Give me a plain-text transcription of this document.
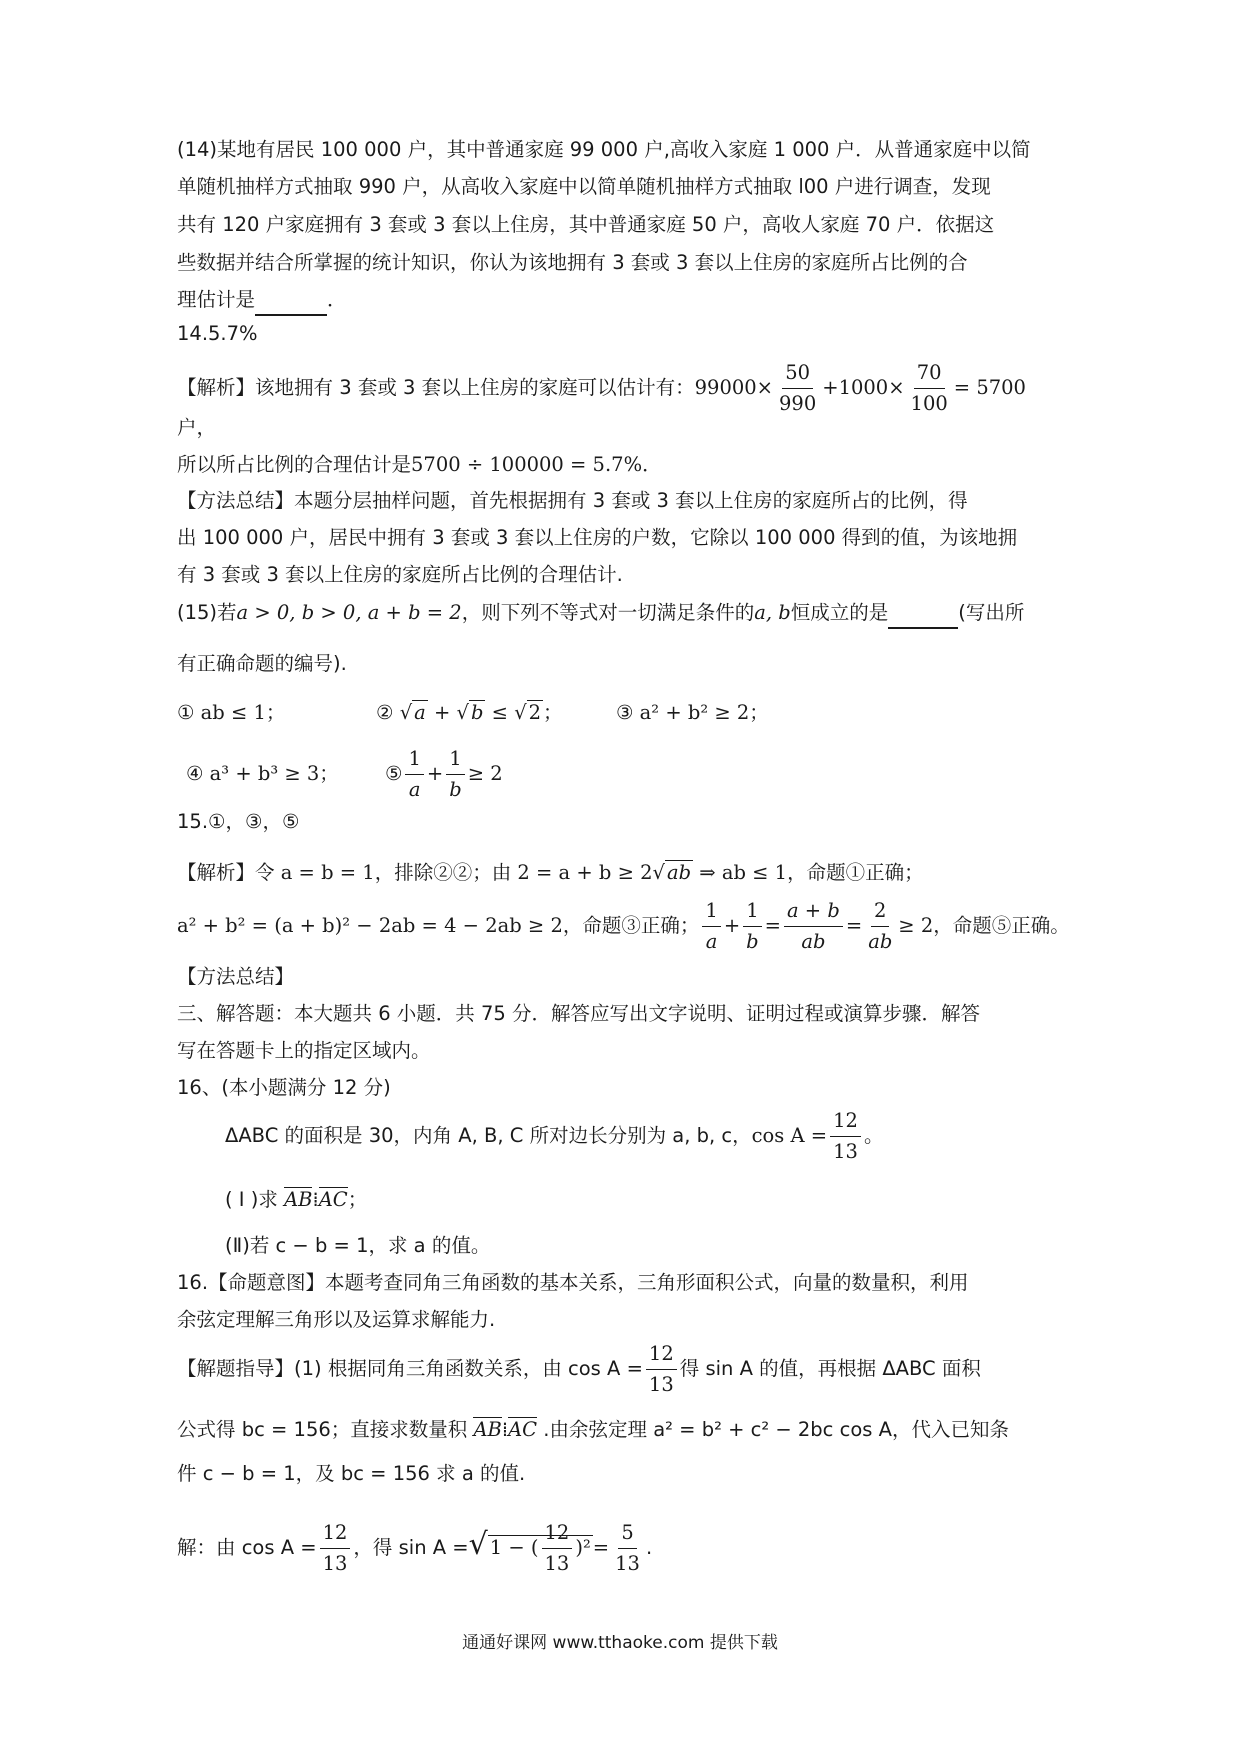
(14)某地有居民 100 000 户，其中普通家庭 99 000 户,高收入家庭 1 000 户．从普通家庭中以简
单随机抽样方式抽取 990 户，从高收入家庭中以简单随机抽样方式抽取 l00 户进行调查，发现
共有 120 户家庭拥有 3 套或 3 套以上住房，其中普通家庭 50 户，高收人家庭 70 户．依据这
些数据并结合所掌握的统计知识，你认为该地拥有 3 套或 3 套以上住房的家庭所占比例的合
理估计是	．
14.5.7%
【解析】该地拥有 3 套或 3 套以上住房的家庭可以估计有：$99000\times \frac{50}{990} +1000\times \frac{70}{100} = 5700$
户，
所以所占比例的合理估计是5700 ÷ 100000 = 5.7%．
【方法总结】本题分层抽样问题，首先根据拥有 3 套或 3 套以上住房的家庭所占的比例，得
出 100 000 户，居民中拥有 3 套或 3 套以上住房的户数，它除以 100 000 得到的值，为该地拥
有 3 套或 3 套以上住房的家庭所占比例的合理估计.
(15)若a > 0, b > 0, a + b = 2，则下列不等式对一切满足条件的a, b恒成立的是	(写出所
有正确命题的编号).
① ab ≤ 1；	② √ a + √ b ≤ √ 2 ；	③ a² + b² ≥ 2；
④ a³ + b³ ≥ 3； ⑤ $\frac{1}{a} + \frac{1}{b} \ge 2$
15.①，③，⑤
【解析】令 a = b = 1，排除②②；由 2 = a + b ≥ 2√ ab ⇒ ab ≤ 1，命题①正确；
a² + b² = (a + b)² − 2ab = 4 − 2ab ≥ 2，命题③正确； $\frac{1}{a} + \frac{1}{b} = \frac{a + b}{ab} = \frac{2}{ab} \ge 2$，命题⑤正确。
【方法总结】
三、解答题：本大题共 6 小题．共 75 分．解答应写出文字说明、证明过程或演算步骤．解答
写在答题卡上的指定区域内。
16、(本小题满分 12 分)
ΔABC 的面积是 30，内角 A, B, C 所对边长分别为 a, b, c，$\cos A = \frac{12}{13}$ 。
( I )求 AB⁞AC；
(Ⅱ)若 c − b = 1，求 a 的值。
16.【命题意图】本题考查同角三角函数的基本关系，三角形面积公式，向量的数量积，利用
余弦定理解三角形以及运算求解能力.
【解题指导】(1) 根据同角三角函数关系，由 $\cos A = \frac{12}{13}$ 得 sin A 的值，再根据 ΔABC 面积
公式得 bc = 156；直接求数量积 AB⁞AC .由余弦定理 a² = b² + c² − 2bc cos A，代入已知条
件 c − b = 1，及 bc = 156 求 a 的值.
解：由 $\cos A = \frac{12}{13}$ ，得 sin A =√ 1 − ( $\frac{12}{13} )^2 = \frac{5}{13}$ .
通通好课网 www.tthaoke.com 提供下载
